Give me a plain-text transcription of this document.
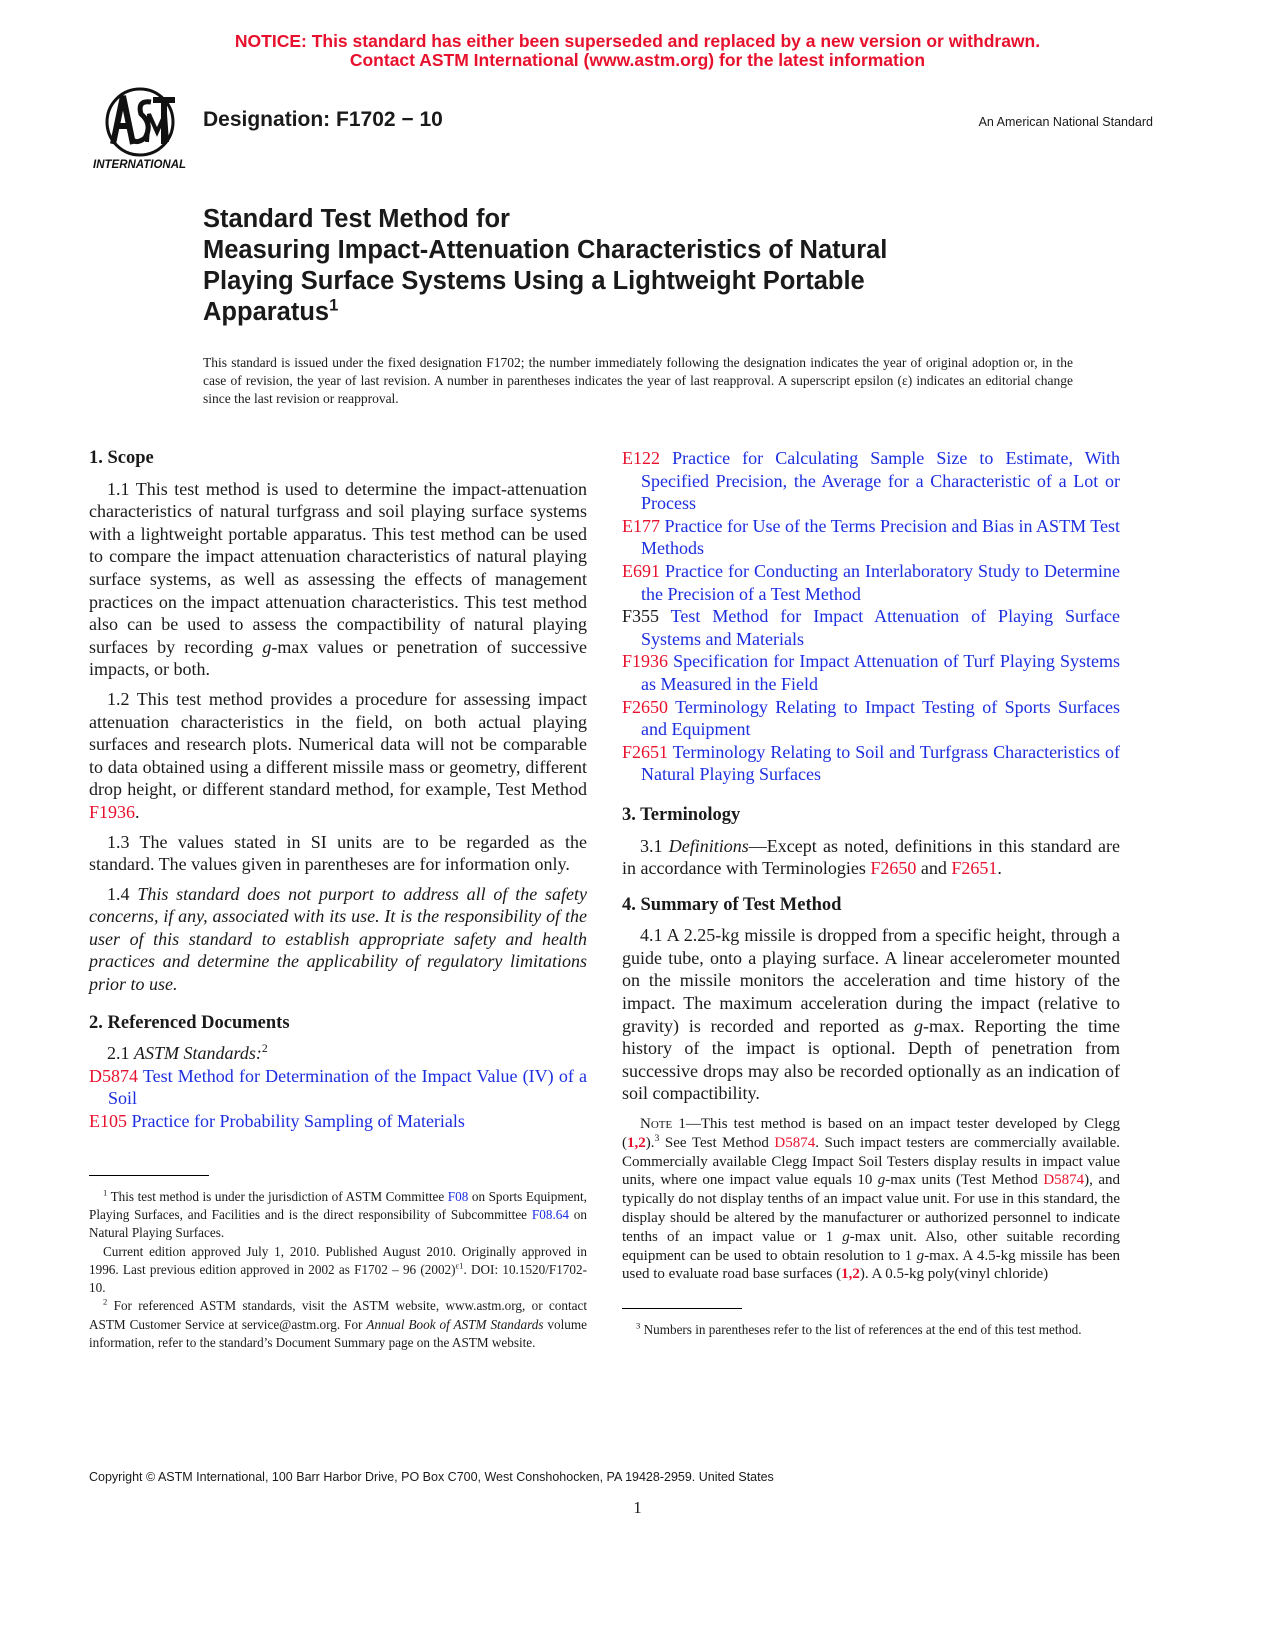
NOTICE: This standard has either been superseded and replaced by a new version or withdrawn.
Contact ASTM International (www.astm.org) for the latest information
INTERNATIONAL
Designation: F1702 − 10	An American National Standard
Standard Test Method for
Measuring Impact-Attenuation Characteristics of Natural
Playing Surface Systems Using a Lightweight Portable
Apparatus$^1$
This standard is issued under the fixed designation F1702; the number immediately following the designation indicates the year of original adoption or, in the case of revision, the year of last revision. A number in parentheses indicates the year of last reapproval. A superscript epsilon (ε) indicates an editorial change since the last revision or reapproval.
1. Scope
1.1 This test method is used to determine the impact-attenuation characteristics of natural turfgrass and soil playing surface systems with a lightweight portable apparatus. This test method can be used to compare the impact attenuation characteristics of natural playing surface systems, as well as assessing the effects of management practices on the impact attenuation characteristics. This test method also can be used to assess the compactibility of natural playing surfaces by recording g-max values or penetration of successive impacts, or both.
1.2 This test method provides a procedure for assessing impact attenuation characteristics in the field, on both actual playing surfaces and research plots. Numerical data will not be comparable to data obtained using a different missile mass or geometry, different drop height, or different standard method, for example, Test Method F1936.
1.3 The values stated in SI units are to be regarded as the standard. The values given in parentheses are for information only.
1.4 This standard does not purport to address all of the safety concerns, if any, associated with its use. It is the responsibility of the user of this standard to establish appropriate safety and health practices and determine the applicability of regulatory limitations prior to use.
2. Referenced Documents
2.1 ASTM Standards:$^2$
D5874 Test Method for Determination of the Impact Value (IV) of a Soil
E105 Practice for Probability Sampling of Materials

$^1$ This test method is under the jurisdiction of ASTM Committee F08 on Sports Equipment, Playing Surfaces, and Facilities and is the direct responsibility of Subcommittee F08.64 on Natural Playing Surfaces.

Current edition approved July 1, 2010. Published August 2010. Originally approved in 1996. Last previous edition approved in 2002 as F1702 – 96 $(2002)^{\varepsilon 1}$. DOI: 10.1520/F1702-10.

$^2$ For referenced ASTM standards, visit the ASTM website, www.astm.org, or contact ASTM Customer Service at service@astm.org. For Annual Book of ASTM Standards volume information, refer to the standard’s Document Summary page on the ASTM website.

E122 Practice for Calculating Sample Size to Estimate, With Specified Precision, the Average for a Characteristic of a Lot or Process
E177 Practice for Use of the Terms Precision and Bias in ASTM Test Methods
E691 Practice for Conducting an Interlaboratory Study to Determine the Precision of a Test Method
F355 Test Method for Impact Attenuation of Playing Surface Systems and Materials
F1936 Specification for Impact Attenuation of Turf Playing Systems as Measured in the Field
F2650 Terminology Relating to Impact Testing of Sports Surfaces and Equipment
F2651 Terminology Relating to Soil and Turfgrass Characteristics of Natural Playing Surfaces
3. Terminology
3.1 Definitions—Except as noted, definitions in this standard are in accordance with Terminologies F2650 and F2651.
4. Summary of Test Method
4.1 A 2.25-kg missile is dropped from a specific height, through a guide tube, onto a playing surface. A linear accelerometer mounted on the missile monitors the acceleration and time history of the impact. The maximum acceleration during the impact (relative to gravity) is recorded and reported as g-max. Reporting the time history of the impact is optional. Depth of penetration from successive drops may also be recorded optionally as an indication of soil compactibility.
Note 1—This test method is based on an impact tester developed by Clegg (1,2).$^3$ See Test Method D5874. Such impact testers are commercially available. Commercially available Clegg Impact Soil Testers display results in impact value units, where one impact value equals 10 g-max units (Test Method D5874), and typically do not display tenths of an impact value unit. For use in this standard, the display should be altered by the manufacturer or authorized personnel to indicate tenths of an impact value or 1 g-max unit. Also, other suitable recording equipment can be used to obtain resolution to 1 g-max. A 4.5-kg missile has been used to evaluate road base surfaces (1,2). A 0.5-kg poly(vinyl chloride)
$^3$ Numbers in parentheses refer to the list of references at the end of this test method.
Copyright © ASTM International, 100 Barr Harbor Drive, PO Box C700, West Conshohocken, PA 19428-2959. United States
1
